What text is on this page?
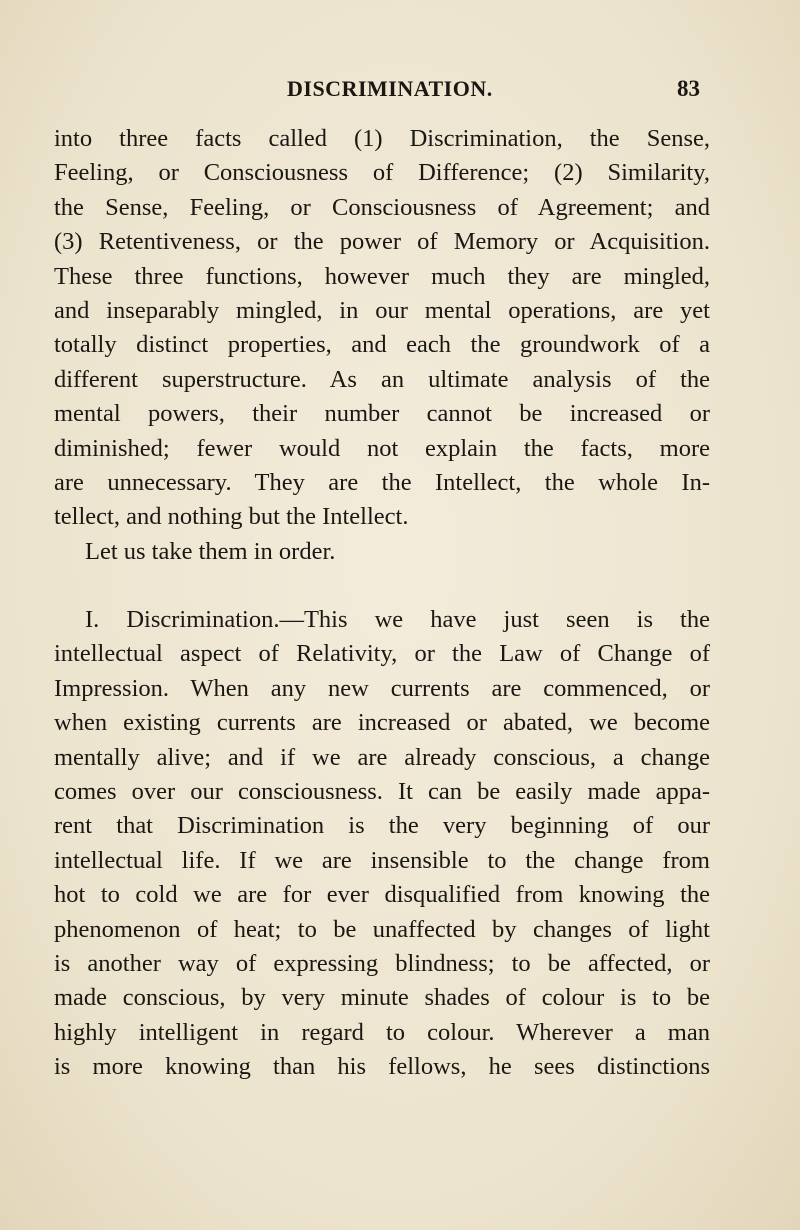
DISCRIMINATION.	83
into three facts called (1) Discrimination, the Sense,
Feeling, or Consciousness of Difference; (2) Similarity,
the Sense, Feeling, or Consciousness of Agreement; and
(3) Retentiveness, or the power of Memory or Acquisition.
These three functions, however much they are mingled,
and inseparably mingled, in our mental operations, are yet
totally distinct properties, and each the groundwork of a
different superstructure. As an ultimate analysis of the
mental powers, their number cannot be increased or
diminished; fewer would not explain the facts, more
are unnecessary. They are the Intellect, the whole In-
tellect, and nothing but the Intellect.
Let us take them in order.
I. Discrimination.—This we have just seen is the
intellectual aspect of Relativity, or the Law of Change of
Impression. When any new currents are commenced, or
when existing currents are increased or abated, we become
mentally alive; and if we are already conscious, a change
comes over our consciousness. It can be easily made appa-
rent that Discrimination is the very beginning of our
intellectual life. If we are insensible to the change from
hot to cold we are for ever disqualified from knowing the
phenomenon of heat; to be unaffected by changes of light
is another way of expressing blindness; to be affected, or
made conscious, by very minute shades of colour is to be
highly intelligent in regard to colour. Wherever a man
is more knowing than his fellows, he sees distinctions
